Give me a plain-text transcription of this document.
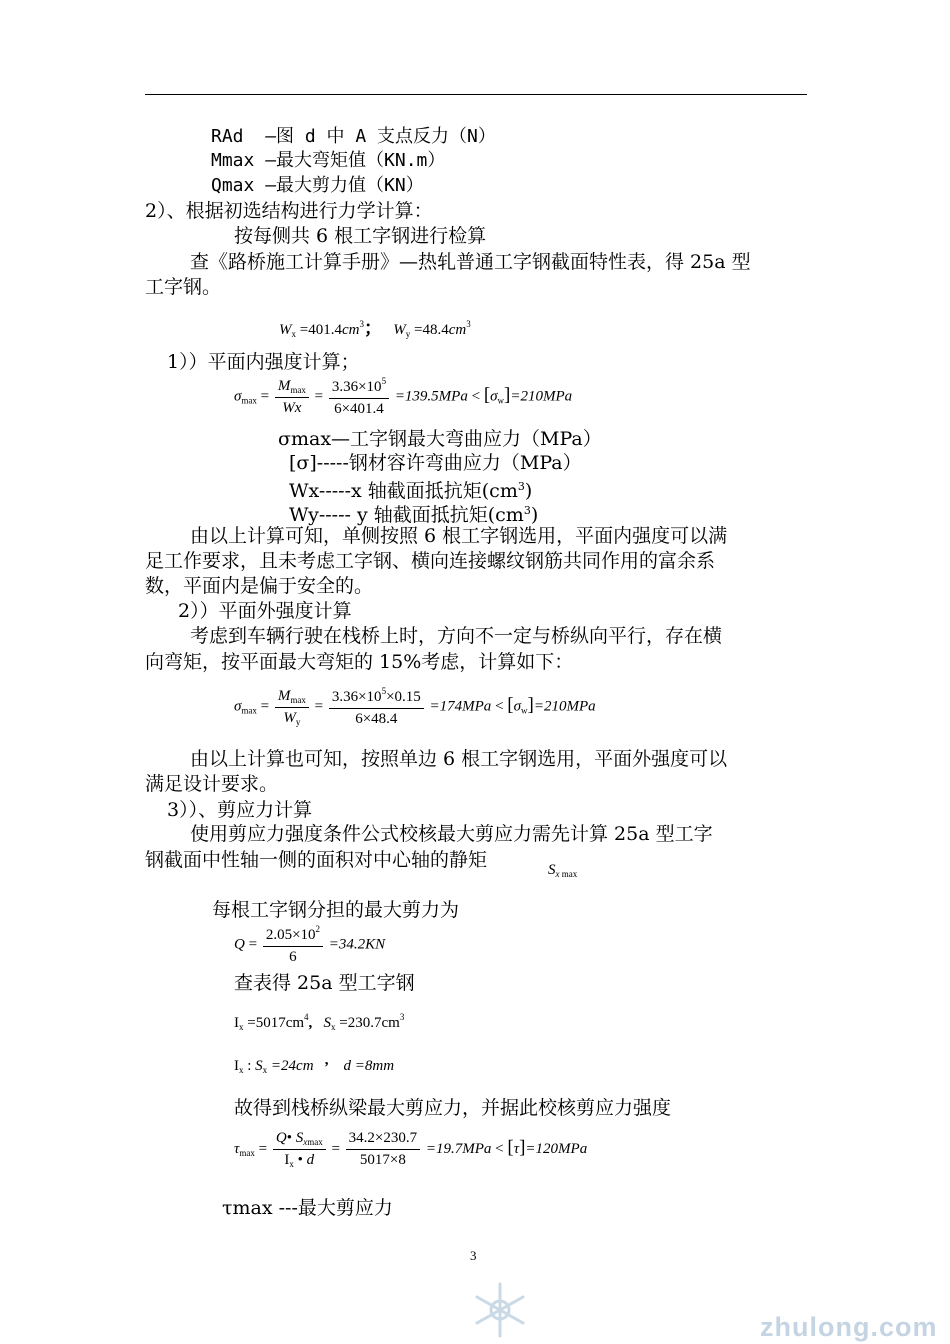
RAd —图 d 中 A 支点反力（N）
Mmax —最大弯矩值（KN.m）
Qmax –最大剪力值（KN）
2）、根据初选结构进行力学计算：
按每侧共 6 根工字钢进行检算
查《路桥施工计算手册》—热轧普通工字钢截面特性表，得 25a 型
工字钢。
$W_x =401.4cm^3$； $W_y =48.4cm^3$
1））平面内强度计算；
$\sigma_{max} = \frac{M_{max}}{Wx} = \frac{3.36\times 10^5}{6\times 401.4} =139.5MPa < [\sigma_w]=210MPa$
σmax—工字钢最大弯曲应力（MPa）
[σ]-----钢材容许弯曲应力（MPa）
Wx-----x 轴截面抵抗矩$(cm^3)$
Wy----- y 轴截面抵抗矩$(cm^3)$
由以上计算可知，单侧按照 6 根工字钢选用，平面内强度可以满
足工作要求，且未考虑工字钢、横向连接螺纹钢筋共同作用的富余系
数，平面内是偏于安全的。
2））平面外强度计算
考虑到车辆行驶在栈桥上时，方向不一定与桥纵向平行，存在横
向弯矩，按平面最大弯矩的 15%考虑，计算如下：
$\sigma_{max} = \frac{M_{max}}{W_y} = \frac{3.36\times 10^5\times 0.15}{6\times 48.4} =174MPa < [\sigma_w]=210MPa$
由以上计算也可知，按照单边 6 根工字钢选用，平面外强度可以
满足设计要求。
3））、剪应力计算
使用剪应力强度条件公式校核最大剪应力需先计算 25a 型工字
钢截面中性轴一侧的面积对中心轴的静矩	$S_{x max}$
每根工字钢分担的最大剪力为
$Q = \frac{2.05\times 10^2}{6} =34.2KN$
查表得 25a 型工字钢
$I_x =5017cm^4$, $S_x =230.7cm^3$
$I_x$ : $S_x =24cm$ , d =8mm
故得到栈桥纵梁最大剪应力，并据此校核剪应力强度
$\tau_{max} = \frac{Q• S_{xmax}}{I_x • d} = \frac{34.2\times 230.7}{5017\times 8} =19.7MPa < [\tau]=120MPa$
τmax ---最大剪应力
3
zhulong.com
